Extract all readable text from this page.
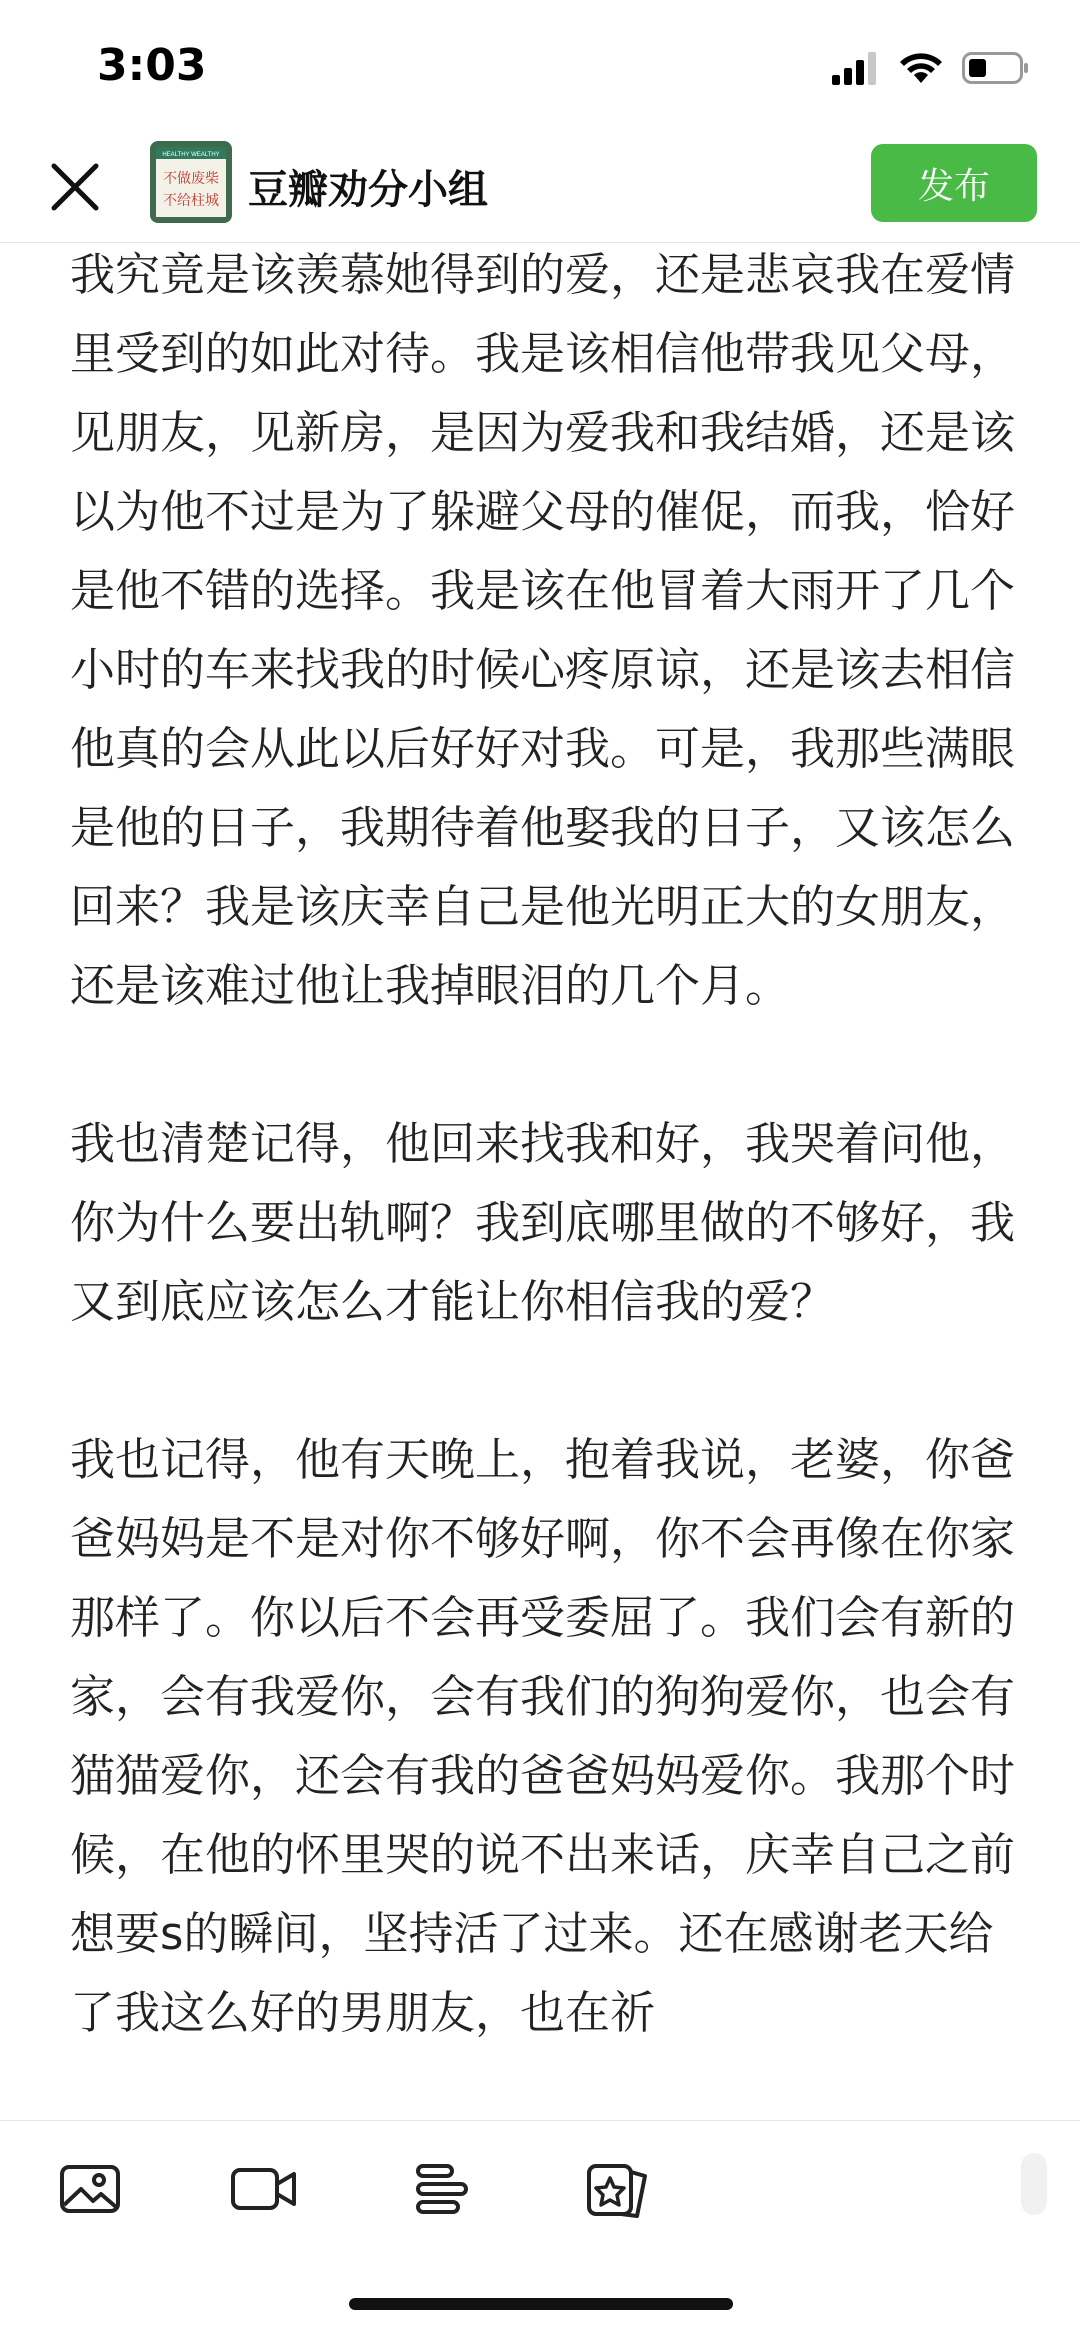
3:03
HEALTHY WEALTHY
不做废柴
不给柱城 豆瓣劝分小组	发布

我究竟是该羡慕她得到的爱，还是悲哀我在爱情里受到的如此对待。我是该相信他带我见父母，见朋友，见新房，是因为爱我和我结婚，还是该以为他不过是为了躲避父母的催促，而我，恰好是他不错的选择。我是该在他冒着大雨开了几个小时的车来找我的时候心疼原谅，还是该去相信他真的会从此以后好好对我。可是，我那些满眼是他的日子，我期待着他娶我的日子，又该怎么回来？我是该庆幸自己是他光明正大的女朋友，还是该难过他让我掉眼泪的几个月。

我也清楚记得，他回来找我和好，我哭着问他，你为什么要出轨啊？我到底哪里做的不够好，我又到底应该怎么才能让你相信我的爱？

我也记得，他有天晚上，抱着我说，老婆，你爸爸妈妈是不是对你不够好啊，你不会再像在你家那样了。你以后不会再受委屈了。我们会有新的家，会有我爱你，会有我们的狗狗爱你，也会有猫猫爱你，还会有我的爸爸妈妈爱你。我那个时候，在他的怀里哭的说不出来话，庆幸自己之前想要s的瞬间，坚持活了过来。还在感谢老天给了我这么好的男朋友，也在祈
